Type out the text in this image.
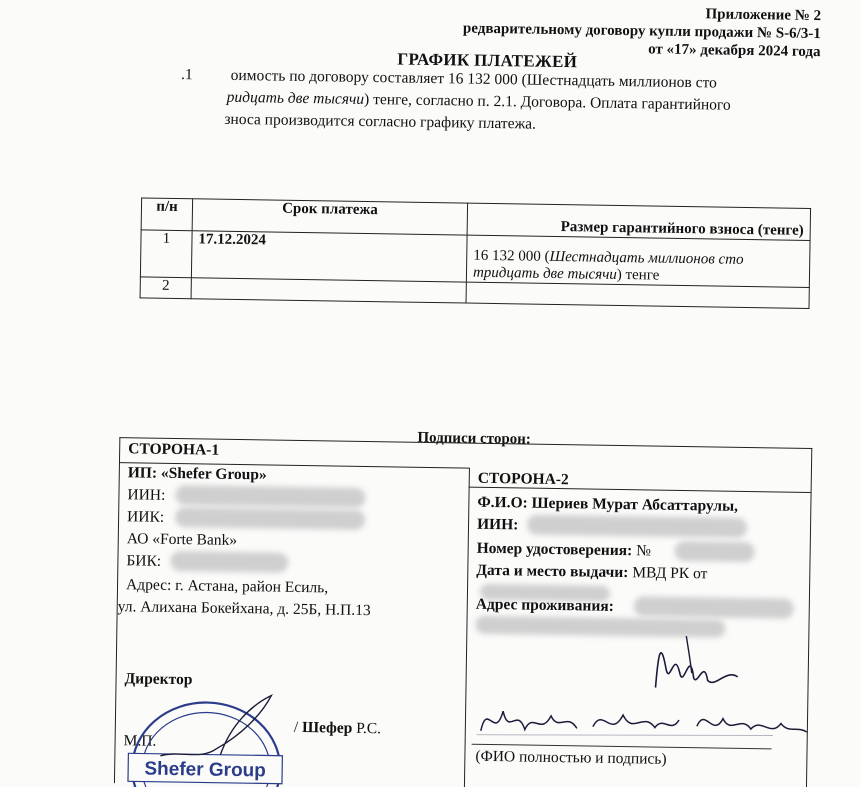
Приложение № 2
редварительному договору купли продажи № S-6/3-1
от «17» декабря 2024 года
ГРАФИК ПЛАТЕЖЕЙ
.1 оимость по договору составляет 16 132 000 (Шестнадцать миллионов сто
ридцать две тысячи) тенге, согласно п. 2.1. Договора. Оплата гарантийного
зноса производится согласно графику платежа.
п/н	Срок платежа	Размер гарантийного взноса (тенге)

1	17.12.2024	16 132 000 (Шестнадцать миллионов сто
тридцать две тысячи) тенге

2		
Подписи сторон:
СТОРОНА-1
ИП: «Shefer Group»
ИИН:
ИИК:
АО «Forte Bank»
БИК:
Адрес: г. Астана, район Есиль,
ул. Алихана Бокейхана, д. 25Б, Н.П.13
Директор
/ Шефер Р.С.
М.П.
СТОРОНА-2
Ф.И.О: Шериев Мурат Абсаттарулы,
ИИН:
Номер удостоверения: №
Дата и место выдачи: МВД РК от
Адрес проживания:
(ФИО полностью и подпись)
Shefer Group
